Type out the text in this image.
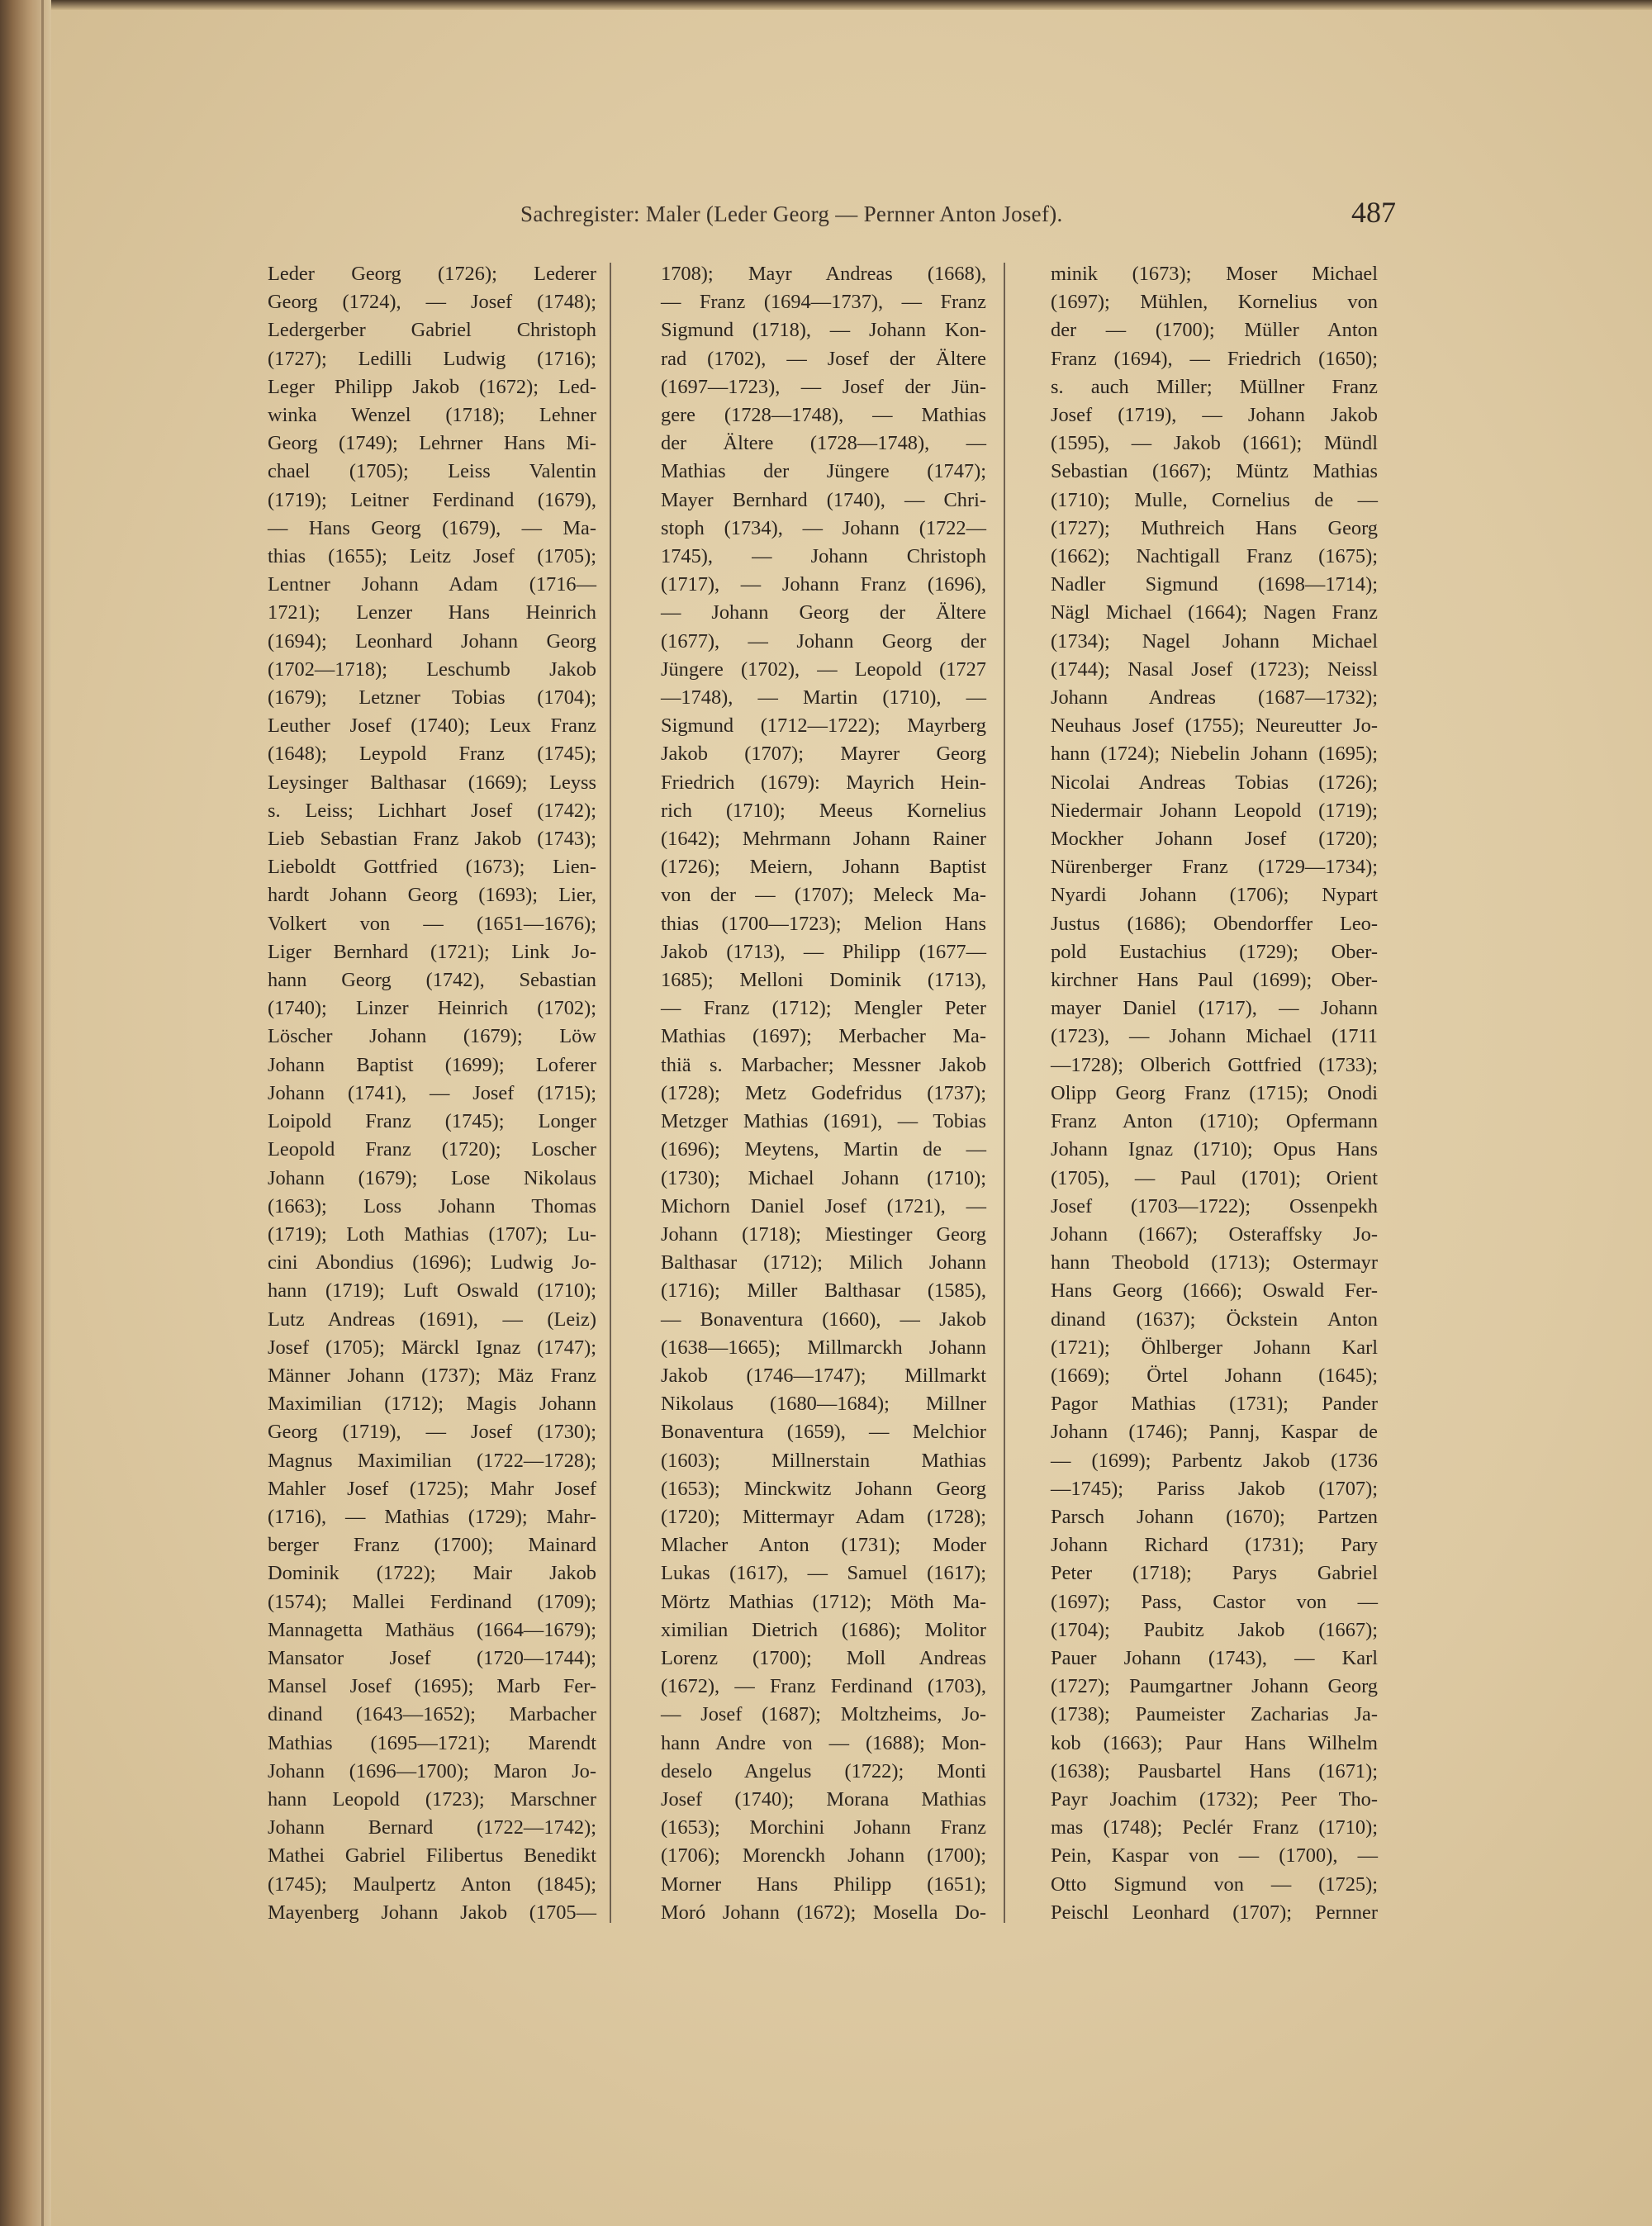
Sachregister: Maler (Leder Georg — Pernner Anton Josef).	487

Leder Georg (1726); Lederer

Georg (1724), — Josef (1748);

Ledergerber Gabriel Christoph

(1727); Ledilli Ludwig (1716);

Leger Philipp Jakob (1672); Led-

winka Wenzel (1718); Lehner

Georg (1749); Lehrner Hans Mi-

chael (1705); Leiss Valentin

(1719); Leitner Ferdinand (1679),

— Hans Georg (1679), — Ma-

thias (1655); Leitz Josef (1705);

Lentner Johann Adam (1716—

1721); Lenzer Hans Heinrich

(1694); Leonhard Johann Georg

(1702—1718); Leschumb Jakob

(1679); Letzner Tobias (1704);

Leuther Josef (1740); Leux Franz

(1648); Leypold Franz (1745);

Leysinger Balthasar (1669); Leyss

s. Leiss; Lichhart Josef (1742);

Lieb Sebastian Franz Jakob (1743);

Lieboldt Gottfried (1673); Lien-

hardt Johann Georg (1693); Lier,

Volkert von — (1651—1676);

Liger Bernhard (1721); Link Jo-

hann Georg (1742), Sebastian

(1740); Linzer Heinrich (1702);

Löscher Johann (1679); Löw

Johann Baptist (1699); Loferer

Johann (1741), — Josef (1715);

Loipold Franz (1745); Longer

Leopold Franz (1720); Loscher

Johann (1679); Lose Nikolaus

(1663); Loss Johann Thomas

(1719); Loth Mathias (1707); Lu-

cini Abondius (1696); Ludwig Jo-

hann (1719); Luft Oswald (1710);

Lutz Andreas (1691), — (Leiz)

Josef (1705); Märckl Ignaz (1747);

Männer Johann (1737); Mäz Franz

Maximilian (1712); Magis Johann

Georg (1719), — Josef (1730);

Magnus Maximilian (1722—1728);

Mahler Josef (1725); Mahr Josef

(1716), — Mathias (1729); Mahr-

berger Franz (1700); Mainard

Dominik (1722); Mair Jakob

(1574); Mallei Ferdinand (1709);

Mannagetta Mathäus (1664—1679);

Mansator Josef (1720—1744);

Mansel Josef (1695); Marb Fer-

dinand (1643—1652); Marbacher

Mathias (1695—1721); Marendt

Johann (1696—1700); Maron Jo-

hann Leopold (1723); Marschner

Johann Bernard (1722—1742);

Mathei Gabriel Filibertus Benedikt

(1745); Maulpertz Anton (1845);

Mayenberg Johann Jakob (1705—

1708); Mayr Andreas (1668),

— Franz (1694—1737), — Franz

Sigmund (1718), — Johann Kon-

rad (1702), — Josef der Ältere

(1697—1723), — Josef der Jün-

gere (1728—1748), — Mathias

der Ältere (1728—1748), —

Mathias der Jüngere (1747);

Mayer Bernhard (1740), — Chri-

stoph (1734), — Johann (1722—

1745), — Johann Christoph

(1717), — Johann Franz (1696),

— Johann Georg der Ältere

(1677), — Johann Georg der

Jüngere (1702), — Leopold (1727

—1748), — Martin (1710), —

Sigmund (1712—1722); Mayrberg

Jakob (1707); Mayrer Georg

Friedrich (1679): Mayrich Hein-

rich (1710); Meeus Kornelius

(1642); Mehrmann Johann Rainer

(1726); Meiern, Johann Baptist

von der — (1707); Meleck Ma-

thias (1700—1723); Melion Hans

Jakob (1713), — Philipp (1677—

1685); Melloni Dominik (1713),

— Franz (1712); Mengler Peter

Mathias (1697); Merbacher Ma-

thiä s. Marbacher; Messner Jakob

(1728); Metz Godefridus (1737);

Metzger Mathias (1691), — Tobias

(1696); Meytens, Martin de —

(1730); Michael Johann (1710);

Michorn Daniel Josef (1721), —

Johann (1718); Miestinger Georg

Balthasar (1712); Milich Johann

(1716); Miller Balthasar (1585),

— Bonaventura (1660), — Jakob

(1638—1665); Millmarckh Johann

Jakob (1746—1747); Millmarkt

Nikolaus (1680—1684); Millner

Bonaventura (1659), — Melchior

(1603); Millnerstain Mathias

(1653); Minckwitz Johann Georg

(1720); Mittermayr Adam (1728);

Mlacher Anton (1731); Moder

Lukas (1617), — Samuel (1617);

Mörtz Mathias (1712); Möth Ma-

ximilian Dietrich (1686); Molitor

Lorenz (1700); Moll Andreas

(1672), — Franz Ferdinand (1703),

— Josef (1687); Moltzheims, Jo-

hann Andre von — (1688); Mon-

deselo Angelus (1722); Monti

Josef (1740); Morana Mathias

(1653); Morchini Johann Franz

(1706); Morenckh Johann (1700);

Morner Hans Philipp (1651);

Moró Johann (1672); Mosella Do-

minik (1673); Moser Michael

(1697); Mühlen, Kornelius von

der — (1700); Müller Anton

Franz (1694), — Friedrich (1650);

s. auch Miller; Müllner Franz

Josef (1719), — Johann Jakob

(1595), — Jakob (1661); Mündl

Sebastian (1667); Müntz Mathias

(1710); Mulle, Cornelius de —

(1727); Muthreich Hans Georg

(1662); Nachtigall Franz (1675);

Nadler Sigmund (1698—1714);

Nägl Michael (1664); Nagen Franz

(1734); Nagel Johann Michael

(1744); Nasal Josef (1723); Neissl

Johann Andreas (1687—1732);

Neuhaus Josef (1755); Neureutter Jo-

hann (1724); Niebelin Johann (1695);

Nicolai Andreas Tobias (1726);

Niedermair Johann Leopold (1719);

Mockher Johann Josef (1720);

Nürenberger Franz (1729—1734);

Nyardi Johann (1706); Nypart

Justus (1686); Obendorffer Leo-

pold Eustachius (1729); Ober-

kirchner Hans Paul (1699); Ober-

mayer Daniel (1717), — Johann

(1723), — Johann Michael (1711

—1728); Olberich Gottfried (1733);

Olipp Georg Franz (1715); Onodi

Franz Anton (1710); Opfermann

Johann Ignaz (1710); Opus Hans

(1705), — Paul (1701); Orient

Josef (1703—1722); Ossenpekh

Johann (1667); Osteraffsky Jo-

hann Theobold (1713); Ostermayr

Hans Georg (1666); Oswald Fer-

dinand (1637); Öckstein Anton

(1721); Öhlberger Johann Karl

(1669); Örtel Johann (1645);

Pagor Mathias (1731); Pander

Johann (1746); Pannj, Kaspar de

— (1699); Parbentz Jakob (1736

—1745); Pariss Jakob (1707);

Parsch Johann (1670); Partzen

Johann Richard (1731); Pary

Peter (1718); Parys Gabriel

(1697); Pass, Castor von —

(1704); Paubitz Jakob (1667);

Pauer Johann (1743), — Karl

(1727); Paumgartner Johann Georg

(1738); Paumeister Zacharias Ja-

kob (1663); Paur Hans Wilhelm

(1638); Pausbartel Hans (1671);

Payr Joachim (1732); Peer Tho-

mas (1748); Peclér Franz (1710);

Pein, Kaspar von — (1700), —

Otto Sigmund von — (1725);

Peischl Leonhard (1707); Pernner
